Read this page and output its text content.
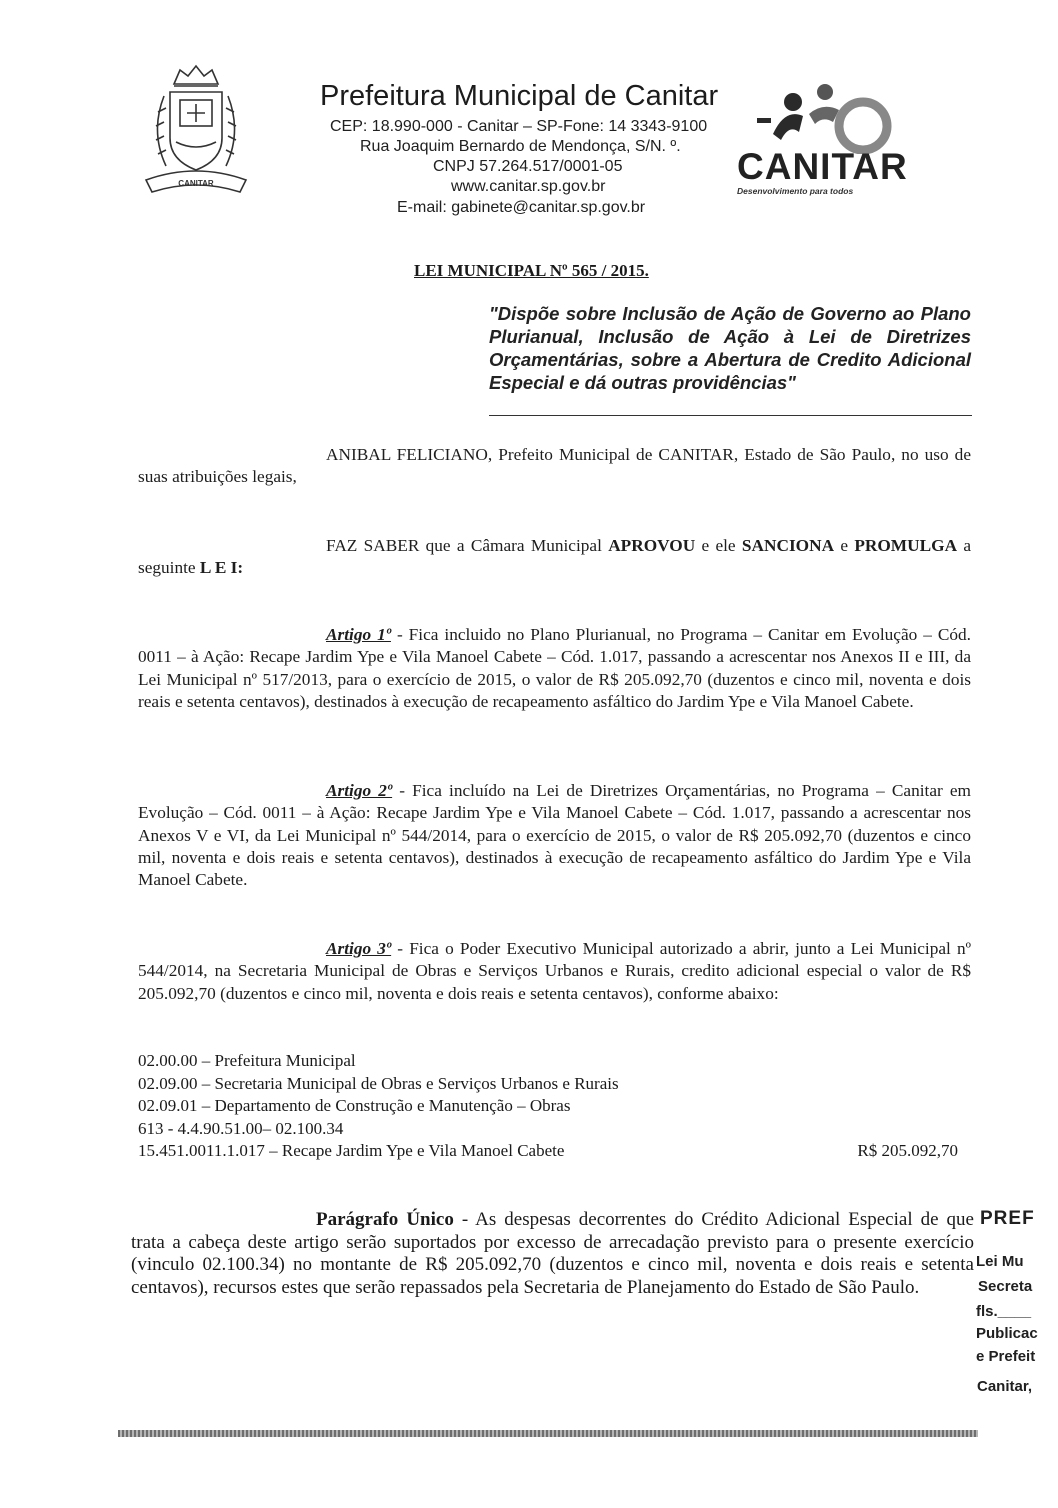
CANITAR
Prefeitura Municipal de Canitar
CEP: 18.990-000 - Canitar – SP-Fone: 14 3343-9100
Rua Joaquim Bernardo de Mendonça, S/N. º.
CNPJ 57.264.517/0001-05
www.canitar.sp.gov.br
E-mail: gabinete@canitar.sp.gov.br
CANITAR
Desenvolvimento para todos
LEI MUNICIPAL Nº 565 / 2015.
"Dispõe sobre Inclusão de Ação de Governo ao Plano Plurianual, Inclusão de Ação à Lei de Diretrizes Orçamentárias, sobre a Abertura de Credito Adicional Especial e dá outras providências"
ANIBAL FELICIANO, Prefeito Municipal de CANITAR, Estado de São Paulo, no uso de suas atribuições legais,
FAZ SABER que a Câmara Municipal APROVOU e ele SANCIONA e PROMULGA a seguinte L E I:
Artigo 1º - Fica incluido no Plano Plurianual, no Programa – Canitar em Evolução – Cód. 0011 – à Ação: Recape Jardim Ype e Vila Manoel Cabete – Cód. 1.017, passando a acrescentar nos Anexos II e III, da Lei Municipal nº 517/2013, para o exercício de 2015, o valor de R$ 205.092,70 (duzentos e cinco mil, noventa e dois reais e setenta centavos), destinados à execução de recapeamento asfáltico do Jardim Ype e Vila Manoel Cabete.
Artigo 2º - Fica incluído na Lei de Diretrizes Orçamentárias, no Programa – Canitar em Evolução – Cód. 0011 – à Ação: Recape Jardim Ype e Vila Manoel Cabete – Cód. 1.017, passando a acrescentar nos Anexos V e VI, da Lei Municipal nº 544/2014, para o exercício de 2015, o valor de R$ 205.092,70 (duzentos e cinco mil, noventa e dois reais e setenta centavos), destinados à execução de recapeamento asfáltico do Jardim Ype e Vila Manoel Cabete.
Artigo 3º - Fica o Poder Executivo Municipal autorizado a abrir, junto a Lei Municipal nº 544/2014, na Secretaria Municipal de Obras e Serviços Urbanos e Rurais, credito adicional especial o valor de R$ 205.092,70 (duzentos e cinco mil, noventa e dois reais e setenta centavos), conforme abaixo:
02.00.00 – Prefeitura Municipal
02.09.00 – Secretaria Municipal de Obras e Serviços Urbanos e Rurais
02.09.01 – Departamento de Construção e Manutenção – Obras
613 - 4.4.90.51.00– 02.100.34
15.451.0011.1.017 – Recape Jardim Ype e Vila Manoel Cabete	R$ 205.092,70
Parágrafo Único - As despesas decorrentes do Crédito Adicional Especial de que trata a cabeça deste artigo serão suportados por excesso de arrecadação previsto para o presente exercício (vinculo 02.100.34) no montante de R$ 205.092,70 (duzentos e cinco mil, noventa e dois reais e setenta centavos), recursos estes que serão repassados pela Secretaria de Planejamento do Estado de São Paulo.
PREF
Lei Mu
Secreta
fls.____
Publicac
e Prefeit
Canitar,
